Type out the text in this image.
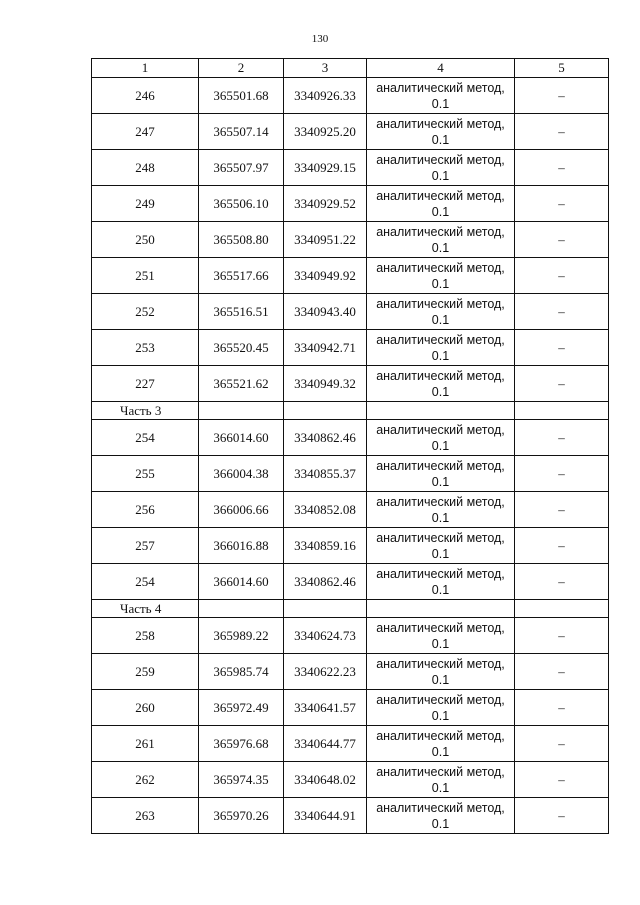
130
1	2	3	4	5
246	365501.68	3340926.33	аналитический метод, 0.1	–
247	365507.14	3340925.20	аналитический метод, 0.1	–
248	365507.97	3340929.15	аналитический метод, 0.1	–
249	365506.10	3340929.52	аналитический метод, 0.1	–
250	365508.80	3340951.22	аналитический метод, 0.1	–
251	365517.66	3340949.92	аналитический метод, 0.1	–
252	365516.51	3340943.40	аналитический метод, 0.1	–
253	365520.45	3340942.71	аналитический метод, 0.1	–
227	365521.62	3340949.32	аналитический метод, 0.1	–
Часть 3				
254	366014.60	3340862.46	аналитический метод, 0.1	–
255	366004.38	3340855.37	аналитический метод, 0.1	–
256	366006.66	3340852.08	аналитический метод, 0.1	–
257	366016.88	3340859.16	аналитический метод, 0.1	–
254	366014.60	3340862.46	аналитический метод, 0.1	–
Часть 4				
258	365989.22	3340624.73	аналитический метод, 0.1	–
259	365985.74	3340622.23	аналитический метод, 0.1	–
260	365972.49	3340641.57	аналитический метод, 0.1	–
261	365976.68	3340644.77	аналитический метод, 0.1	–
262	365974.35	3340648.02	аналитический метод, 0.1	–
263	365970.26	3340644.91	аналитический метод, 0.1	–
